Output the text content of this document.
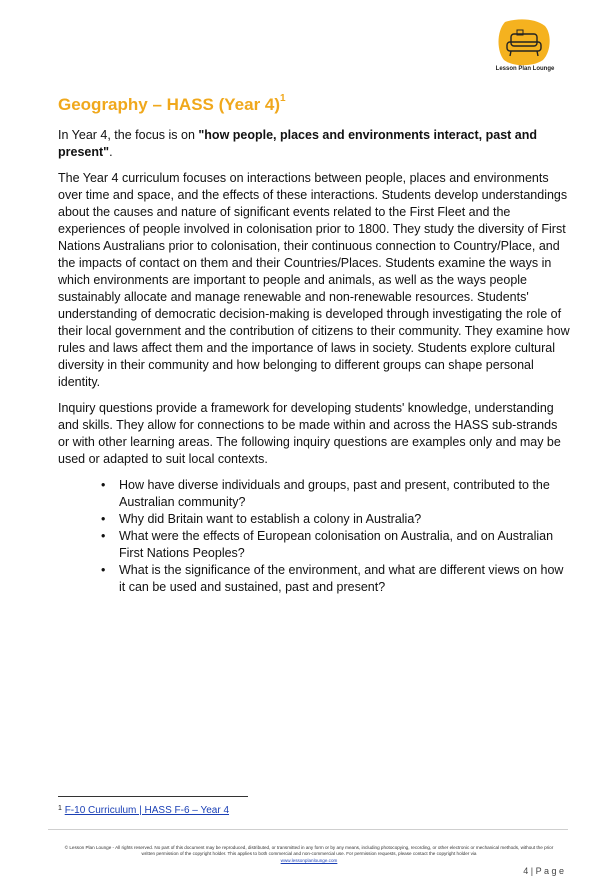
Lesson Plan Lounge
Geography – HASS (Year 4)$^1$

In Year 4, the focus is on "how people, places and environments interact, past and present".

The Year 4 curriculum focuses on interactions between people, places and environments over time and space, and the effects of these interactions. Students develop understandings about the causes and nature of significant events related to the First Fleet and the experiences of people involved in colonisation prior to 1800. They study the diversity of First Nations Australians prior to colonisation, their continuous connection to Country/Place, and the impacts of contact on them and their Countries/Places. Students examine the ways in which environments are important to people and animals, as well as the ways people sustainably allocate and manage renewable and non-renewable resources. Students' understanding of democratic decision-making is developed through investigating the role of their local government and the contribution of citizens to their community. They examine how rules and laws affect them and the importance of laws in society. Students explore cultural diversity in their community and how belonging to different groups can shape personal identity.

Inquiry questions provide a framework for developing students' knowledge, understanding and skills. They allow for connections to be made within and across the HASS sub-strands or with other learning areas. The following inquiry questions are examples only and may be used or adapted to suit local contexts.

• How have diverse individuals and groups, past and present, contributed to the Australian community?
• Why did Britain want to establish a colony in Australia?
• What were the effects of European colonisation on Australia, and on Australian First Nations Peoples?
• What is the significance of the environment, and what are different views on how it can be used and sustained, past and present?
$^1$ F-10 Curriculum | HASS F-6 – Year 4
© Lesson Plan Lounge - All rights reserved. No part of this document may be reproduced, distributed, or transmitted in any form or by any means, including photocopying, recording, or other electronic or mechanical methods, without the prior written permission of the copyright holder. This applies to both commercial and non-commercial use. For permission requests, please contact the copyright holder via
www.lessonplanlounge.com
4 | P a g e
